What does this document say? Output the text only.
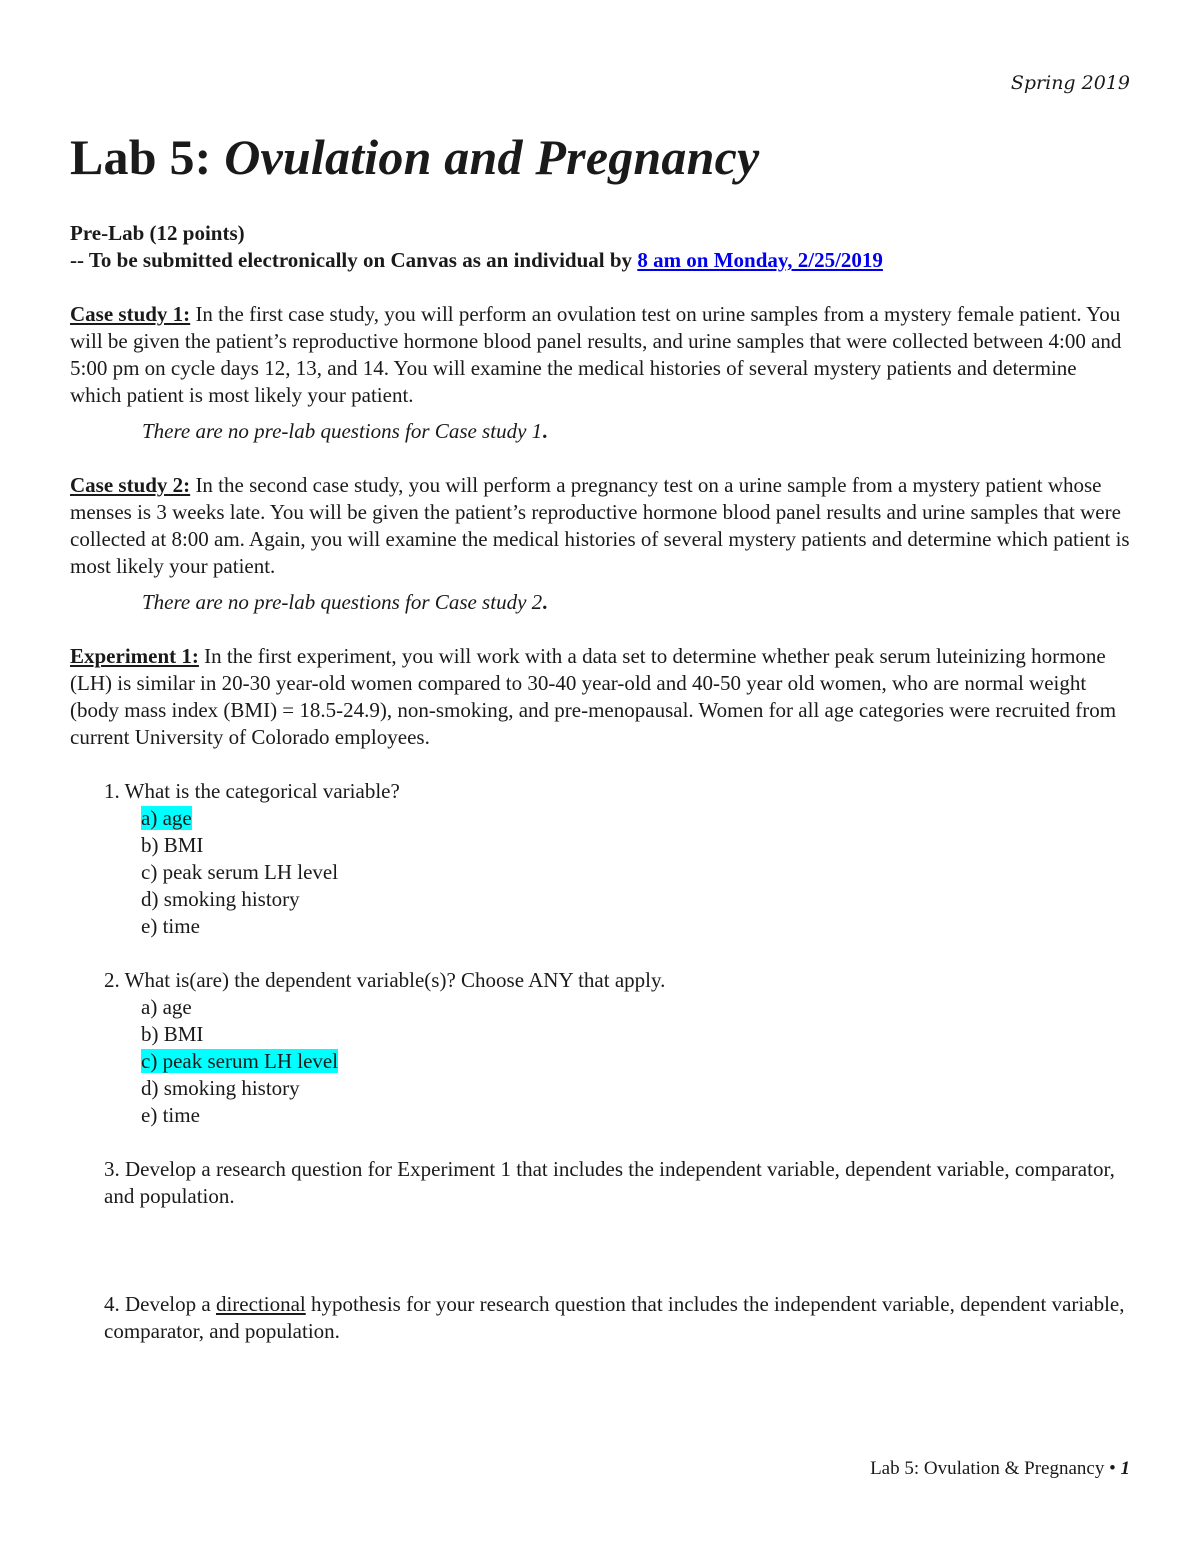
Spring 2019
Lab 5: Ovulation and Pregnancy

Pre-Lab (12 points)

-- To be submitted electronically on Canvas as an individual by 8 am on Monday, 2/25/2019

Case study 1: In the first case study, you will perform an ovulation test on urine samples from a mystery female patient. You will be given the patient’s reproductive hormone blood panel results, and urine samples that were collected between 4:00 and 5:00 pm on cycle days 12, 13, and 14. You will examine the medical histories of several mystery patients and determine which patient is most likely your patient.

There are no pre-lab questions for Case study 1.

Case study 2: In the second case study, you will perform a pregnancy test on a urine sample from a mystery patient whose menses is 3 weeks late. You will be given the patient’s reproductive hormone blood panel results and urine samples that were collected at 8:00 am. Again, you will examine the medical histories of several mystery patients and determine which patient is most likely your patient.

There are no pre-lab questions for Case study 2.

Experiment 1: In the first experiment, you will work with a data set to determine whether peak serum luteinizing hormone (LH) is similar in 20-30 year-old women compared to 30-40 year-old and 40-50 year old women, who are normal weight (body mass index (BMI) = 18.5-24.9), non-smoking, and pre-menopausal. Women for all age categories were recruited from current University of Colorado employees.

1. What is the categorical variable?
a) age
b) BMI
c) peak serum LH level
d) smoking history
e) time
2. What is(are) the dependent variable(s)? Choose ANY that apply.
a) age
b) BMI
c) peak serum LH level
d) smoking history
e) time
3. Develop a research question for Experiment 1 that includes the independent variable, dependent variable, comparator, and population.
4. Develop a directional hypothesis for your research question that includes the independent variable, dependent variable, comparator, and population.
Lab 5: Ovulation & Pregnancy • 1
